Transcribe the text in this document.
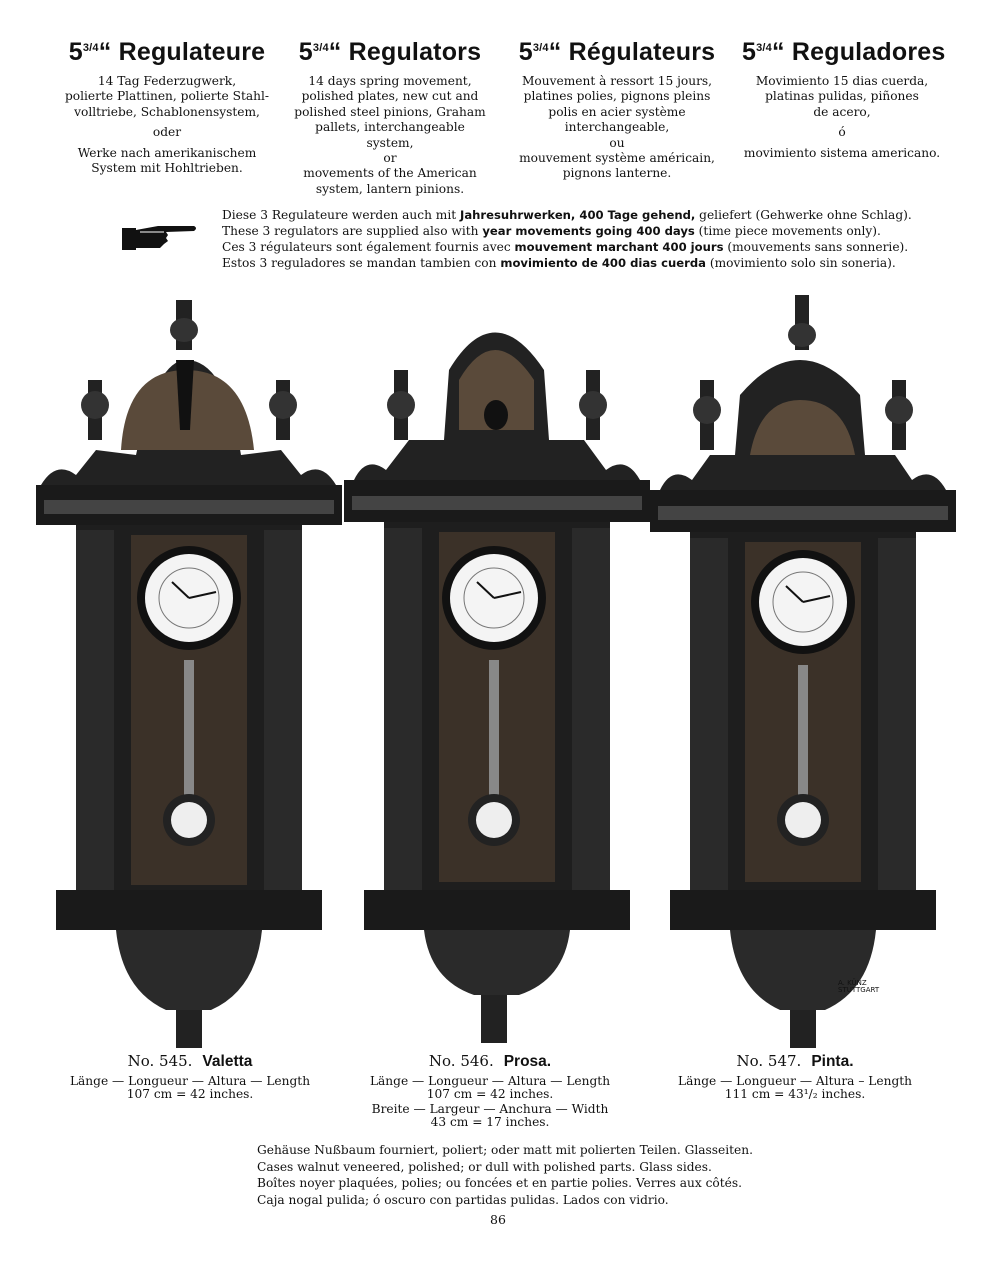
$5^{3/4}“$ Regulateure

14 Tag Federzugwerk,
polierte Plattinen, polierte Stahl-
volltriebe, Schablonensystem,

oder

Werke nach amerikanischem
System mit Hohltrieben.

$5^{3/4}“$ Regulators

14 days spring movement,
polished plates, new cut and
polished steel pinions, Graham
pallets, interchangeable system,

or

movements of the American
system, lantern pinions.

$5^{3/4}“$ Régulateurs

Mouvement à ressort 15 jours,
platines polies, pignons pleins
polis en acier système
interchangeable,

ou

mouvement système américain,
pignons lanterne.

$5^{3/4}“$ Reguladores

Movimiento 15 dias cuerda,
platinas pulidas, piñones
de acero,

ó

movimiento sistema americano.

Diese 3 Regulateure werden auch mit Jahresuhrwerken, 400 Tage gehend, geliefert (Gehwerke ohne Schlag).
These 3 regulators are supplied also with year movements going 400 days (time piece movements only).
Ces 3 régulateurs sont également fournis avec mouvement marchant 400 jours (mouvements sans sonnerie).
Estos 3 reguladores se mandan tambien con movimiento de 400 dias cuerda (movimiento solo sin soneria).
A. KÜNZ
STUTTGART
No. 545. Valetta
Länge — Longueur — Altura — Length
107 cm = 42 inches.
No. 546. Prosa.
Länge — Longueur — Altura — Length
107 cm = 42 inches.
Breite — Largeur — Anchura — Width
43 cm = 17 inches.
No. 547. Pinta.
Länge — Longueur — Altura – Length
111 cm = 43¹/₂ inches.
Gehäuse Nußbaum fourniert, poliert; oder matt mit polierten Teilen. Glasseiten.
Cases walnut veneered, polished; or dull with polished parts. Glass sides.
Boîtes noyer plaquées, polies; ou foncées et en partie polies. Verres aux côtés.
Caja nogal pulida; ó oscuro con partidas pulidas. Lados con vidrio.
86
